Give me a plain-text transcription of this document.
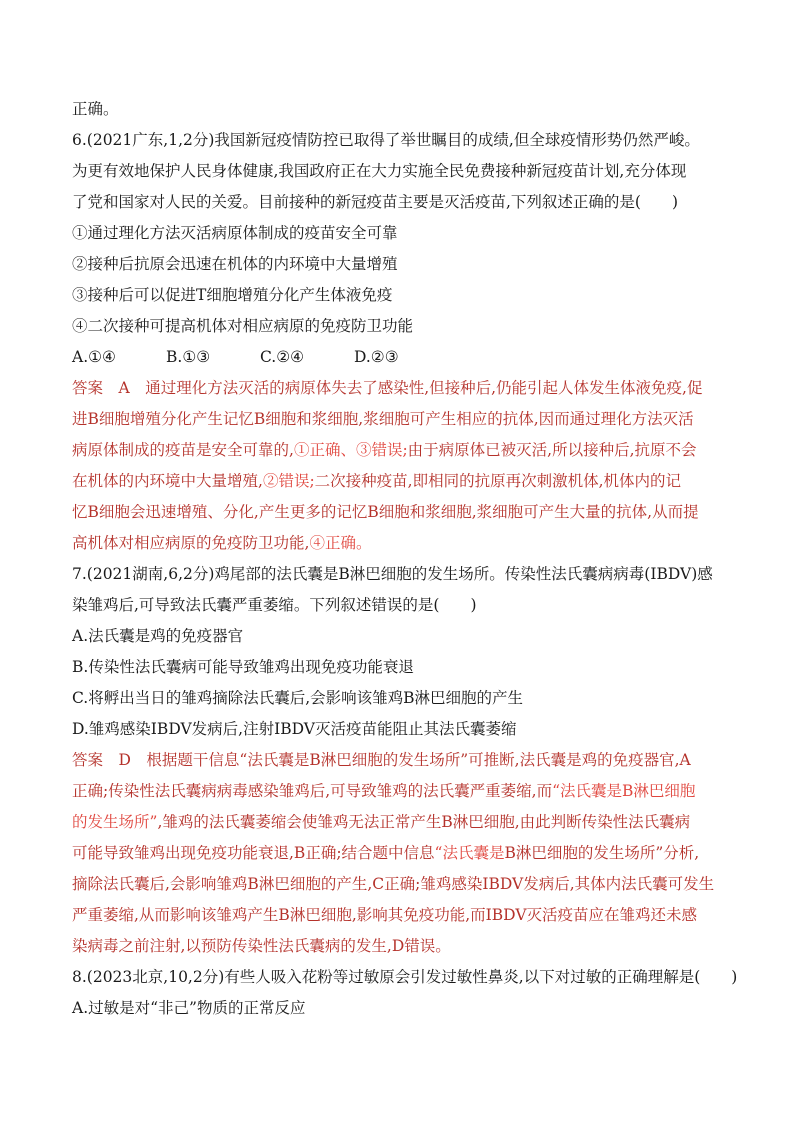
正确。
6.(2021广东,1,2分)我国新冠疫情防控已取得了举世瞩目的成绩,但全球疫情形势仍然严峻。
为更有效地保护人民身体健康,我国政府正在大力实施全民免费接种新冠疫苗计划,充分体现
了党和国家对人民的关爱。目前接种的新冠疫苗主要是灭活疫苗,下列叙述正确的是(　　)
①通过理化方法灭活病原体制成的疫苗安全可靠
②接种后抗原会迅速在机体的内环境中大量增殖
③接种后可以促进T细胞增殖分化产生体液免疫
④二次接种可提高机体对相应病原的免疫防卫功能
A.①④	B.①③	C.②④	D.②③
答案　A　通过理化方法灭活的病原体失去了感染性,但接种后,仍能引起人体发生体液免疫,促
进B细胞增殖分化产生记忆B细胞和浆细胞,浆细胞可产生相应的抗体,因而通过理化方法灭活
病原体制成的疫苗是安全可靠的,①正确、③错误;由于病原体已被灭活,所以接种后,抗原不会
在机体的内环境中大量增殖,②错误;二次接种疫苗,即相同的抗原再次刺激机体,机体内的记
忆B细胞会迅速增殖、分化,产生更多的记忆B细胞和浆细胞,浆细胞可产生大量的抗体,从而提
高机体对相应病原的免疫防卫功能,④正确。
7.(2021湖南,6,2分)鸡尾部的法氏囊是B淋巴细胞的发生场所。传染性法氏囊病病毒(IBDV)感
染雏鸡后,可导致法氏囊严重萎缩。下列叙述错误的是(　　)
A.法氏囊是鸡的免疫器官
B.传染性法氏囊病可能导致雏鸡出现免疫功能衰退
C.将孵出当日的雏鸡摘除法氏囊后,会影响该雏鸡B淋巴细胞的产生
D.雏鸡感染IBDV发病后,注射IBDV灭活疫苗能阻止其法氏囊萎缩
答案　D　根据题干信息“法氏囊是B淋巴细胞的发生场所”可推断,法氏囊是鸡的免疫器官,A
正确;传染性法氏囊病病毒感染雏鸡后,可导致雏鸡的法氏囊严重萎缩,而“法氏囊是B淋巴细胞
的发生场所”,雏鸡的法氏囊萎缩会使雏鸡无法正常产生B淋巴细胞,由此判断传染性法氏囊病
可能导致雏鸡出现免疫功能衰退,B正确;结合题中信息“法氏囊是B淋巴细胞的发生场所”分析,
摘除法氏囊后,会影响雏鸡B淋巴细胞的产生,C正确;雏鸡感染IBDV发病后,其体内法氏囊可发生
严重萎缩,从而影响该雏鸡产生B淋巴细胞,影响其免疫功能,而IBDV灭活疫苗应在雏鸡还未感
染病毒之前注射,以预防传染性法氏囊病的发生,D错误。
8.(2023北京,10,2分)有些人吸入花粉等过敏原会引发过敏性鼻炎,以下对过敏的正确理解是(　　)
A.过敏是对“非己”物质的正常反应
